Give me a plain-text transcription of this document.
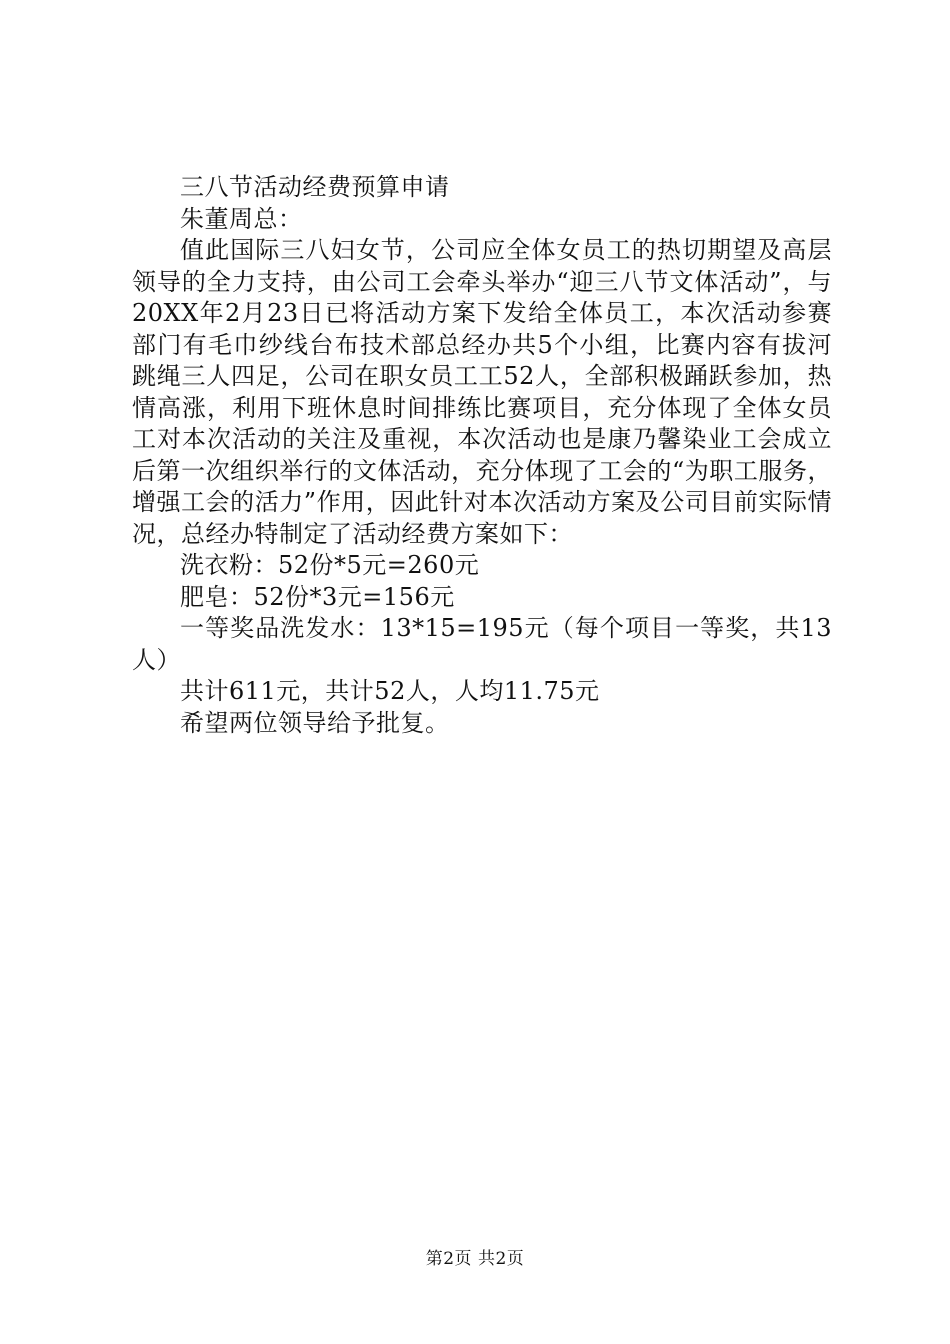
三八节活动经费预算申请

朱董周总：

值此国际三八妇女节，公司应全体女员工的热切期望及高层领导的全力支持，由公司工会牵头举办“迎三八节文体活动”，与20XX年2月23日已将活动方案下发给全体员工，本次活动参赛部门有毛巾纱线台布技术部总经办共5个小组，比赛内容有拔河跳绳三人四足，公司在职女员工工52人，全部积极踊跃参加，热情高涨，利用下班休息时间排练比赛项目，充分体现了全体女员工对本次活动的关注及重视，本次活动也是康乃馨染业工会成立后第一次组织举行的文体活动，充分体现了工会的“为职工服务，增强工会的活力”作用，因此针对本次活动方案及公司目前实际情况，总经办特制定了活动经费方案如下：

洗衣粉：52份*5元=260元

肥皂：52份*3元=156元

一等奖品洗发水：13*15=195元（每个项目一等奖，共13人）

共计611元，共计52人，人均11.75元

希望两位领导给予批复。

第2页 共2页
